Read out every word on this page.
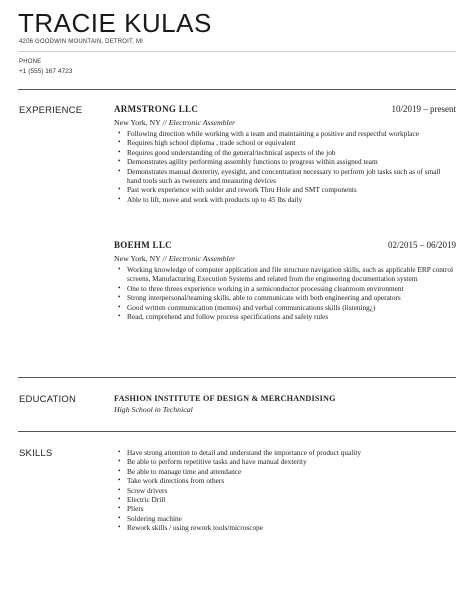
TRACIE KULAS
4206 GOODWIN MOUNTAIN, DETROIT, MI
PHONE
+1 (555) 167 4723
EXPERIENCE	ARMSTRONG LLC	10/2019 – present
New York, NY // Electronic Assembler
• Following direction while working with a team and maintaining a positive and respectful workplace
• Requires high school diploma , trade school or equivalent
• Requires good understanding of the general/technical aspects of the job
• Demonstrates agility performing assembly functions to progress within assigned team
• Demonstrates manual dexterity, eyesight, and concentration necessary to perform job tasks such as of small hand tools such as tweezers and measuring devices
• Past work experience with solder and rework Thru Hole and SMT components
• Able to lift, move and work with products up to 45 lbs daily
BOEHM LLC	02/2015 – 06/2019
New York, NY // Electronic Assembler
• Working knowledge of computer application and file structure navigation skills, such as applicable ERP control screens, Manufacturing Execution Systems and related from the engineering documentation system
• One to three threes experience working in a semiconductor processing cleanroom environment
• Strong interpersonal/teaming skills, able to communicate with both engineering and operators
• Good written communication (memos) and verbal communications skills (listening¿)
• Read, comprehend and follow process specifications and safety rules
EDUCATION	FASHION INSTITUTE OF DESIGN & MERCHANDISING
High School in Technical
SKILLS
•	Have strong attention to detail and understand the importance of product quality
• Be able to perform repetitive tasks and have manual dexterity
• Be able to manage time and attendance
• Take work directions from others
• Screw drivers
• Electric Drill
• Pliers
• Soldering machine
• Rework skills / using rework tools/microscope
